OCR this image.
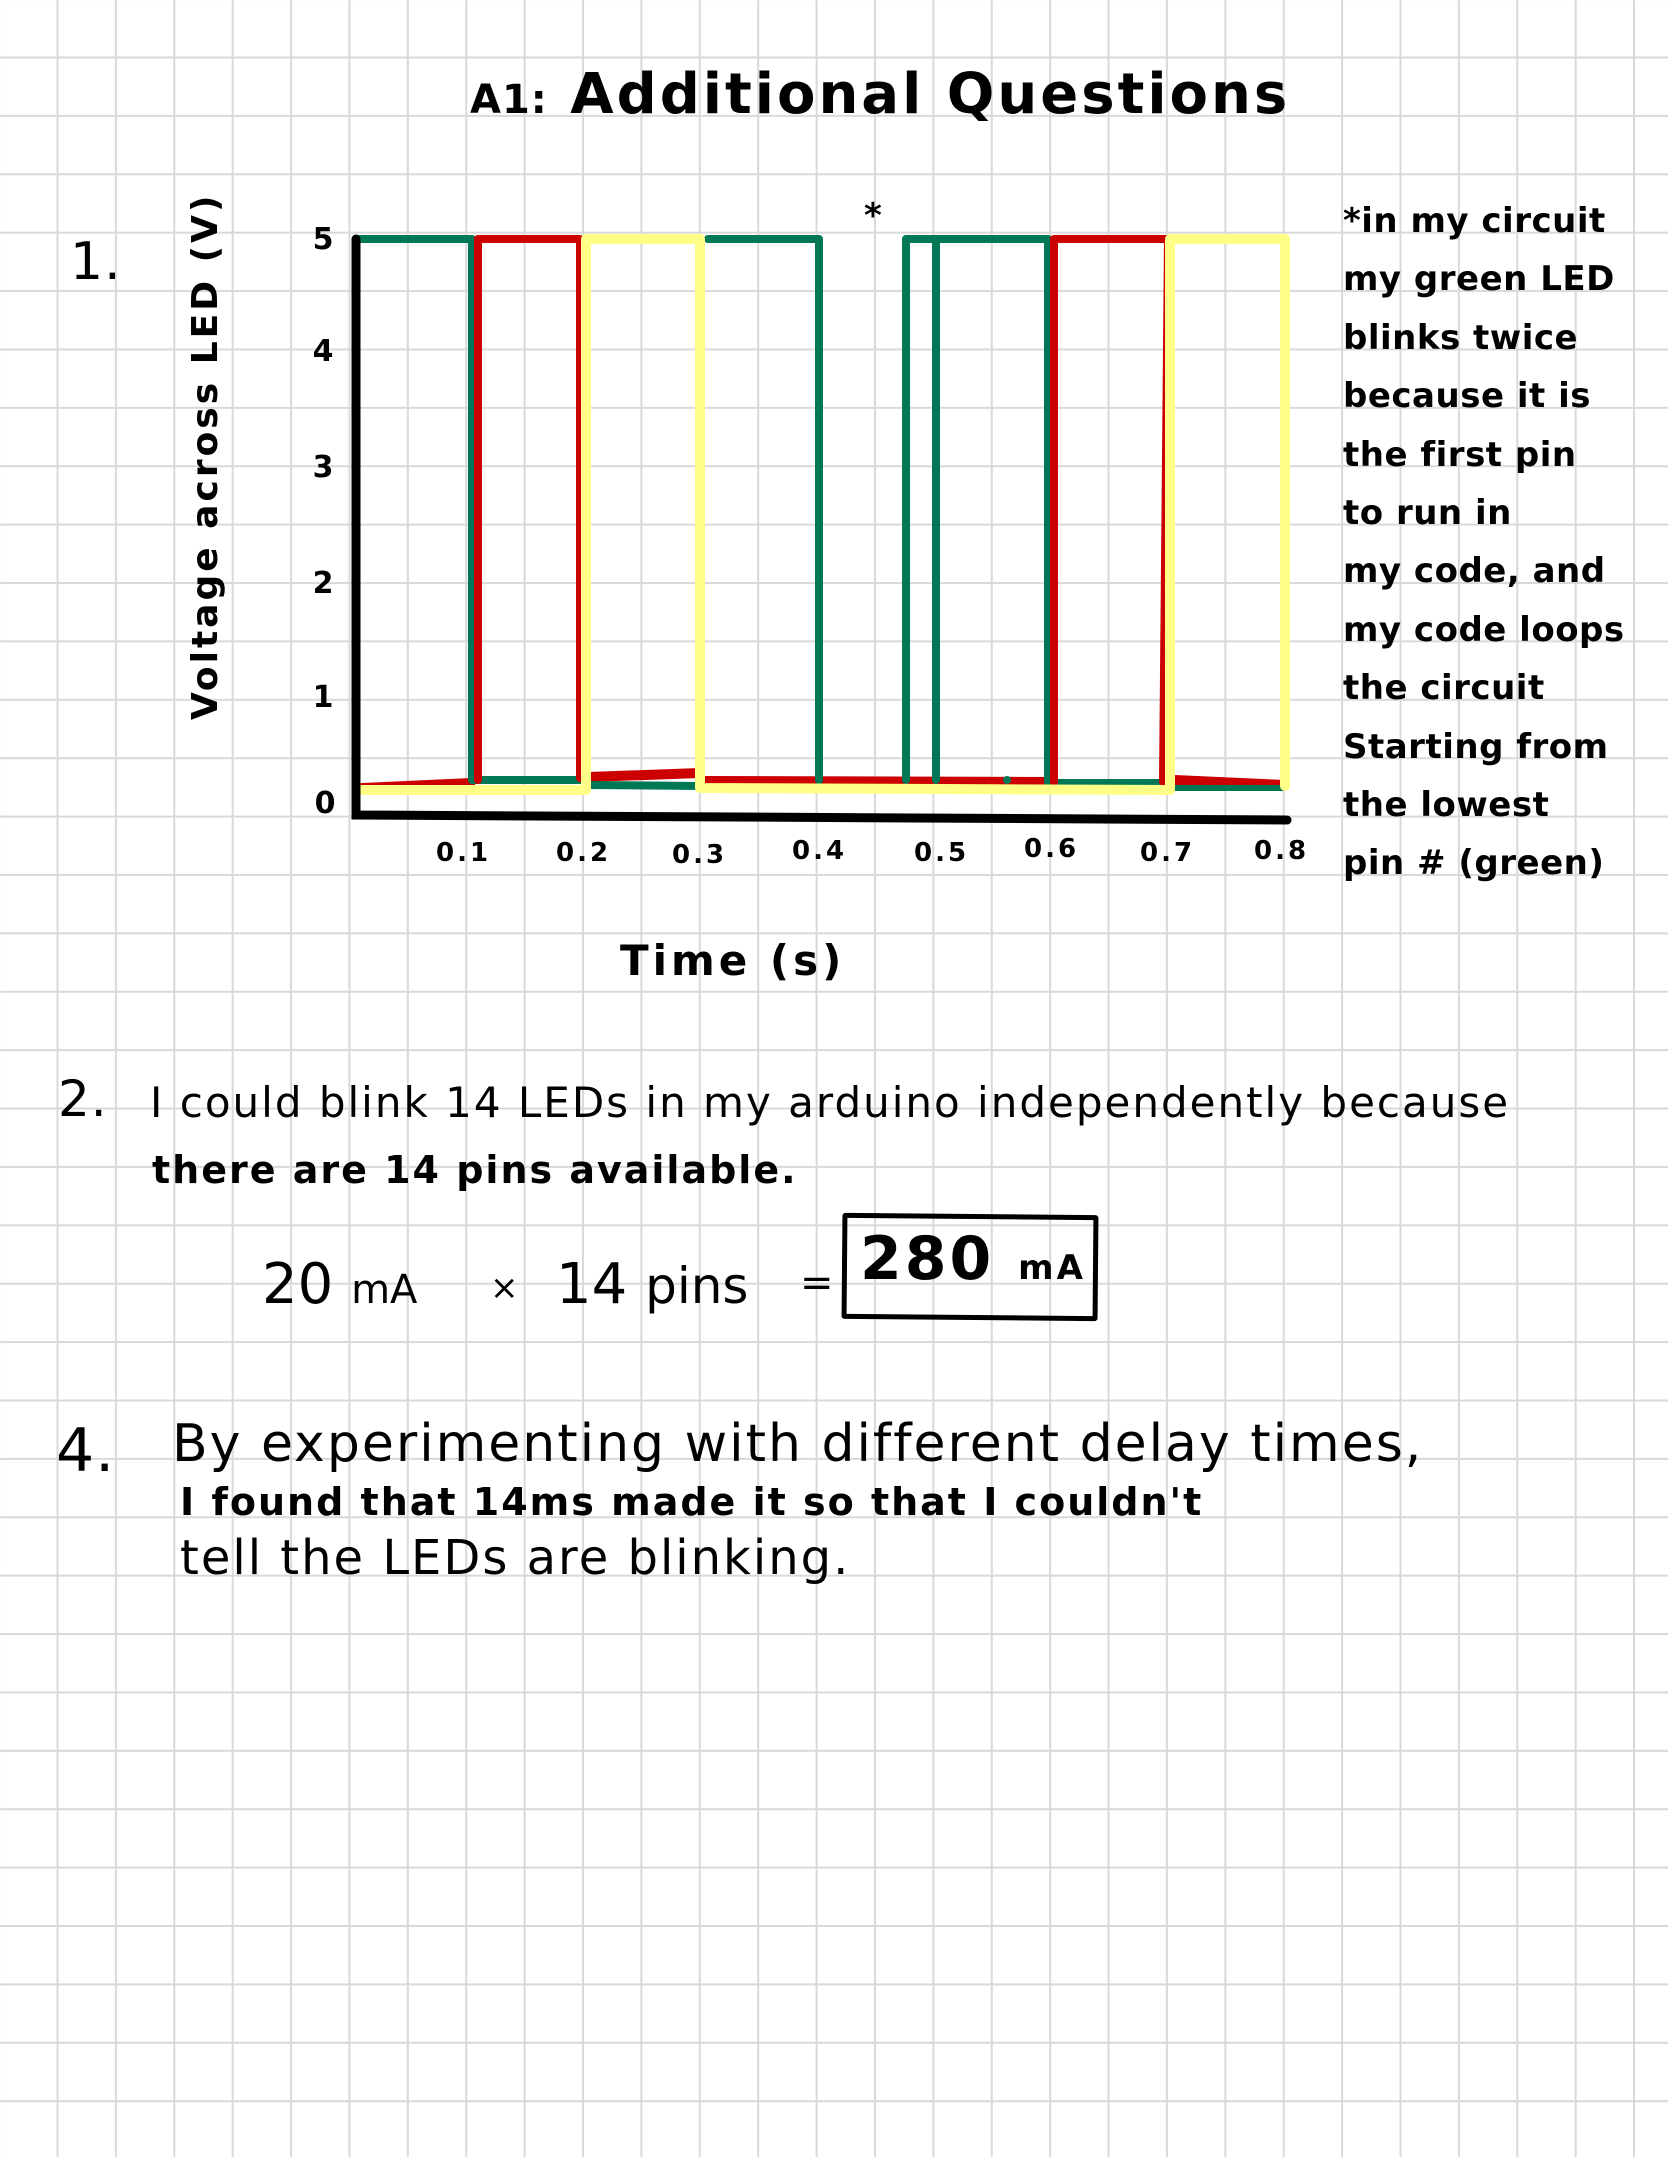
A1: Additional Questions
1. Voltage across LED (V)	5
4
3
2
1
0
0.1 0.2 0.3 0.4	0.5 0.6 0.7 0.8
Time (s)
*	*in my circuit
my green LED
blinks twice
because it is
the first pin
to run in
my code, and
my code loops
the circuit
Starting from
the lowest
pin # (green)
2. I could blink 14 LEDs in my arduino independently because
there are 14 pins available.
20 mA × 14 pins = 280 mA
4. By experimenting with different delay times,
I found that 14ms made it so that I couldn't
tell the LEDs are blinking.
